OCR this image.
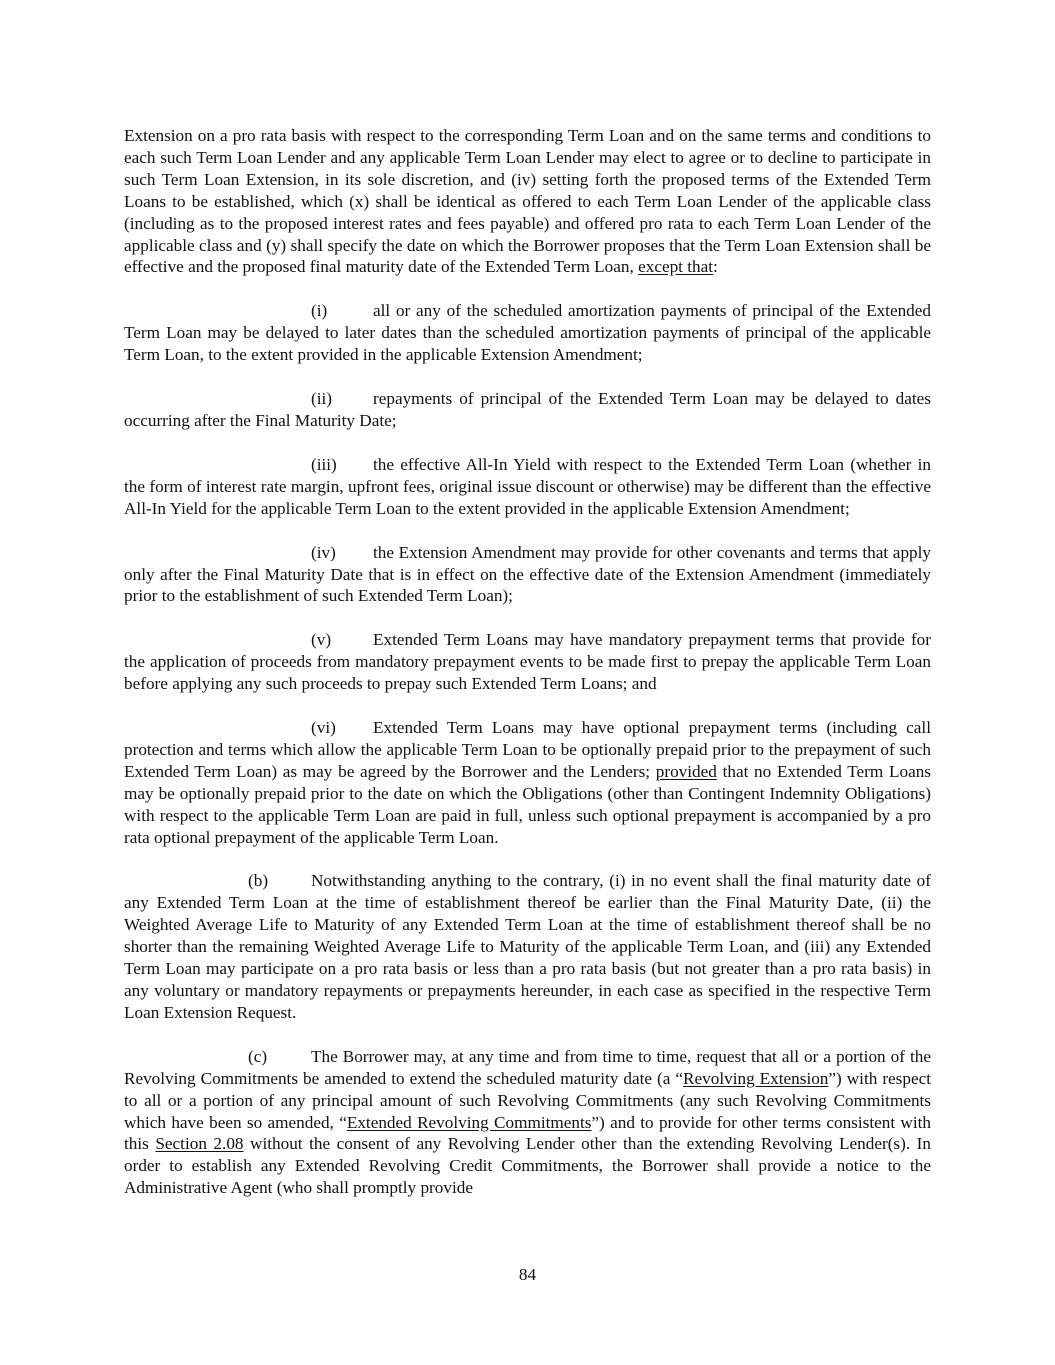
Extension on a pro rata basis with respect to the corresponding Term Loan and on the same terms and conditions to each such Term Loan Lender and any applicable Term Loan Lender may elect to agree or to decline to participate in such Term Loan Extension, in its sole discretion, and (iv) setting forth the proposed terms of the Extended Term Loans to be established, which (x) shall be identical as offered to each Term Loan Lender of the applicable class (including as to the proposed interest rates and fees payable) and offered pro rata to each Term Loan Lender of the applicable class and (y) shall specify the date on which the Borrower proposes that the Term Loan Extension shall be effective and the proposed final maturity date of the Extended Term Loan, except that:

(i)	all or any of the scheduled amortization payments of principal of the Extended Term Loan may be delayed to later dates than the scheduled amortization payments of principal of the applicable Term Loan, to the extent provided in the applicable Extension Amendment;

(ii) repayments of principal of the Extended Term Loan may be delayed to dates occurring after the Final Maturity Date;

(iii) the effective All-In Yield with respect to the Extended Term Loan (whether in the form of interest rate margin, upfront fees, original issue discount or otherwise) may be different than the effective All-In Yield for the applicable Term Loan to the extent provided in the applicable Extension Amendment;

(iv) the Extension Amendment may provide for other covenants and terms that apply only after the Final Maturity Date that is in effect on the effective date of the Extension Amendment (immediately prior to the establishment of such Extended Term Loan);

(v) Extended Term Loans may have mandatory prepayment terms that provide for the application of proceeds from mandatory prepayment events to be made first to prepay the applicable Term Loan before applying any such proceeds to prepay such Extended Term Loans; and

(vi) Extended Term Loans may have optional prepayment terms (including call protection and terms which allow the applicable Term Loan to be optionally prepaid prior to the prepayment of such Extended Term Loan) as may be agreed by the Borrower and the Lenders; provided that no Extended Term Loans may be optionally prepaid prior to the date on which the Obligations (other than Contingent Indemnity Obligations) with respect to the applicable Term Loan are paid in full, unless such optional prepayment is accompanied by a pro rata optional prepayment of the applicable Term Loan.

(b) Notwithstanding anything to the contrary, (i) in no event shall the final maturity date of any Extended Term Loan at the time of establishment thereof be earlier than the Final Maturity Date, (ii) the Weighted Average Life to Maturity of any Extended Term Loan at the time of establishment thereof shall be no shorter than the remaining Weighted Average Life to Maturity of the applicable Term Loan, and (iii) any Extended Term Loan may participate on a pro rata basis or less than a pro rata basis (but not greater than a pro rata basis) in any voluntary or mandatory repayments or prepayments hereunder, in each case as specified in the respective Term Loan Extension Request.

(c)	The Borrower may, at any time and from time to time, request that all or a portion of the Revolving Commitments be amended to extend the scheduled maturity date (a “Revolving Extension”) with respect to all or a portion of any principal amount of such Revolving Commitments (any such Revolving Commitments which have been so amended, “Extended Revolving Commitments”) and to provide for other terms consistent with this Section 2.08 without the consent of any Revolving Lender other than the extending Revolving Lender(s). In order to establish any Extended Revolving Credit Commitments, the Borrower shall provide a notice to the Administrative Agent (who shall promptly provide

84
